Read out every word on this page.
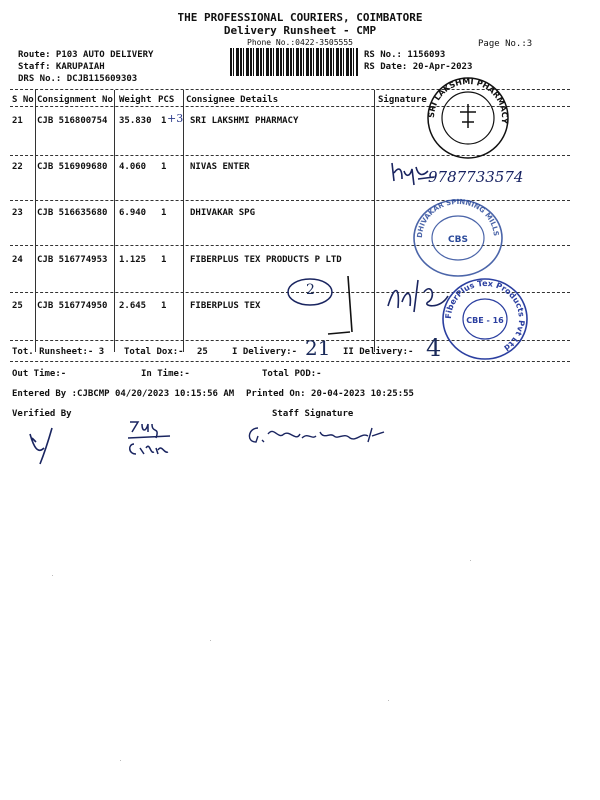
THE PROFESSIONAL COURIERS, COIMBATORE
Delivery Runsheet - CMP
Phone No.:0422-3505555	Page No.:3
Route: P103 AUTO DELIVERY
Staff: KARUPAIAH
DRS No.: DCJB115609303
RS No.: 1156093
RS Date: 20-Apr-2023
S No Consignment No Weight PCS Consignee Details	Signature
21 CJB 516800754 35.830 1 +3 SRI LAKSHMI PHARMACY
22 CJB 516909680 4.060 1	NIVAS ENTER
23 CJB 516635680 6.940 1	DHIVAKAR SPG
24 CJB 516774953 1.125 1	FIBERPLUS TEX PRODUCTS P LTD
25 CJB 516774950 2.645 1	FIBERPLUS TEX
Tot. Runsheet:- 3 Total Dox:- 25	I Delivery:- 21 II Delivery:- 4
Out Time:-	In Time:-	Total POD:-
Entered By :CJBCMP 04/20/2023 10:15:56 AM Printed On: 20-04-2023 10:25:55
Verified By	Staff Signature
9787733574
2
SRI LAKSHMI PHARMACY
DHIVAKAR SPINNING MILLS
CBS
FiberPlus Tex Products Pvt Ltd
CBE - 16
